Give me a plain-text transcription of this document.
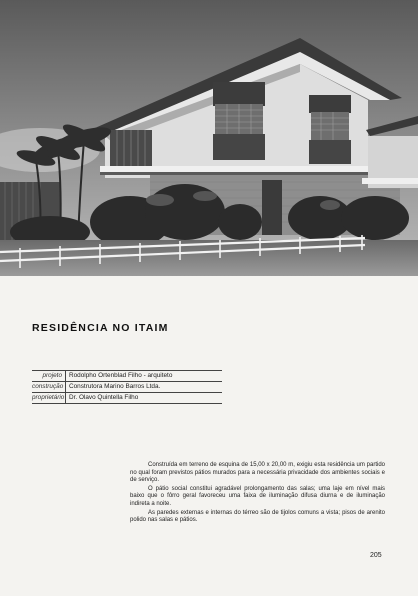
RESIDÊNCIA NO ITAIM
projeto	Rodolpho Ortenblad Filho - arquiteto
construção Construtora Marino Barros Ltda.
proprietário Dr. Olavo Quintella Filho

Construída em terreno de esquina de 15,00 x 20,00 m, exigiu esta residência um partido no qual foram previstos pátios murados para a necessária privacidade dos ambientes sociais e de serviço.

O pátio social constitui agradável prolongamento das salas; uma laje em nível mais baixo que o fôrro geral favoreceu uma faixa de iluminação difusa diurna e de iluminação indireta a noite.

As paredes externas e internas do térreo são de tijolos comuns a vista; pisos de arenito polido nas salas e pátios.

205
